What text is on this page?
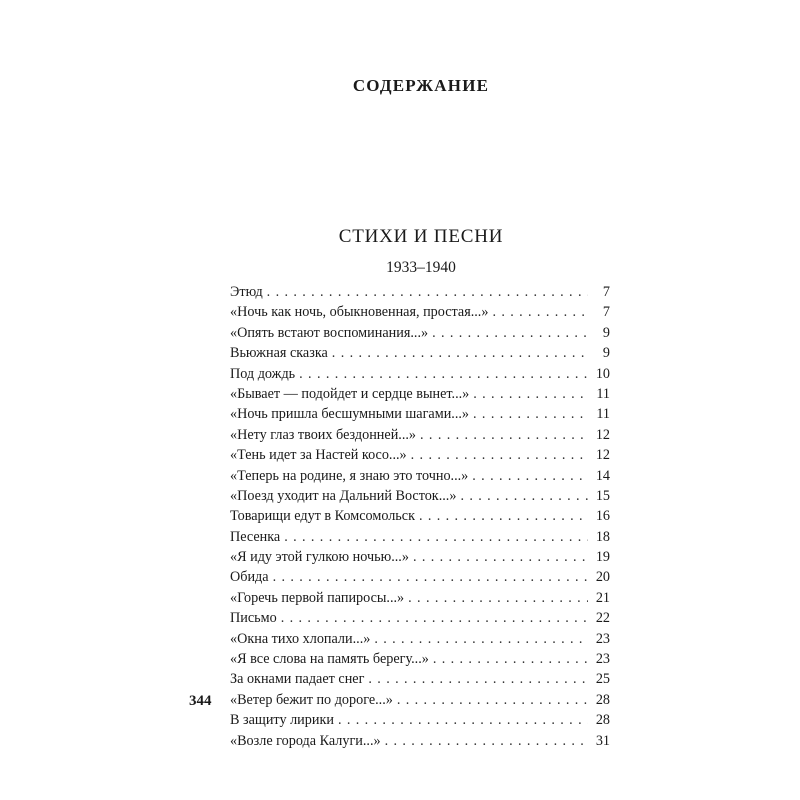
СОДЕРЖАНИЕ
СТИХИ И ПЕСНИ
1933–1940
Этюд . . .	7
«Ночь как ночь, обыкновенная, простая...» . . .	7
«Опять встают воспоминания...» . . .	9
Вьюжная сказка . . .	9
Под дождь . . .	10
«Бывает — подойдет и сердце вынет...» . . .	11
«Ночь пришла бесшумными шагами...» . . .	11
«Нету глаз твоих бездонней...» . . .	12
«Тень идет за Настей косо...» . . .	12
«Теперь на родине, я знаю это точно...» . . .	14
«Поезд уходит на Дальний Восток...» . . .	15
Товарищи едут в Комсомольск . . .	16
Песенка . . .	18
«Я иду этой гулкою ночью...» . . .	19
Обида . . .	20
«Горечь первой папиросы...» . . .	21
Письмо . . .	22
«Окна тихо хлопали...» . . .	23
«Я все слова на память берегу...» . . .	23
За окнами падает снег . . .	25
«Ветер бежит по дороге...» . . .	28
В защиту лирики . . .	28
«Возле города Калуги...» . . .	31
344
